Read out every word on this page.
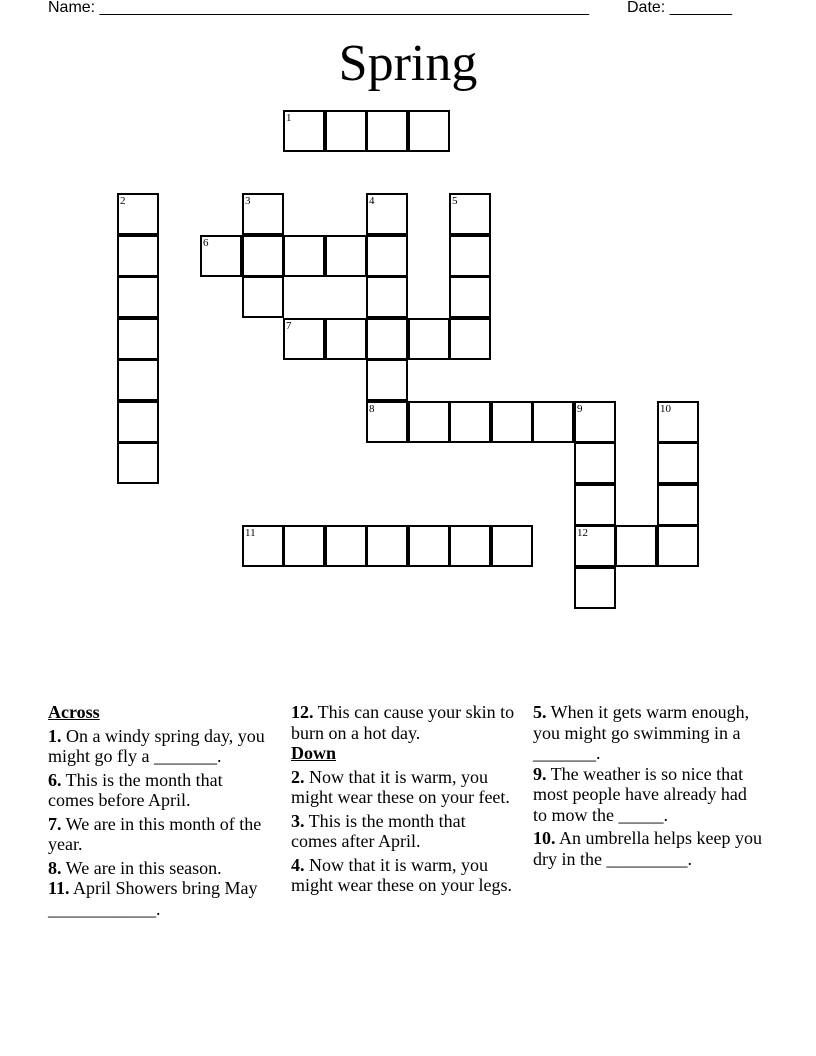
Name: _______________________________________________________ Date: _______
Spring
1
2	3	4
8
5
6
7
9
12
10
11
Across
1. On a windy spring day, you might go fly a _______.
6. This is the month that comes before April.
7. We are in this month of the year.
8. We are in this season.
11. April Showers bring May ____________.
12. This can cause your skin to burn on a hot day.
Down
2. Now that it is warm, you might wear these on your feet.
3. This is the month that comes after April.
4. Now that it is warm, you might wear these on your legs.
5. When it gets warm enough, you might go swimming in a _______.
9. The weather is so nice that most people have already had to mow the _____.
10. An umbrella helps keep you dry in the _________.
